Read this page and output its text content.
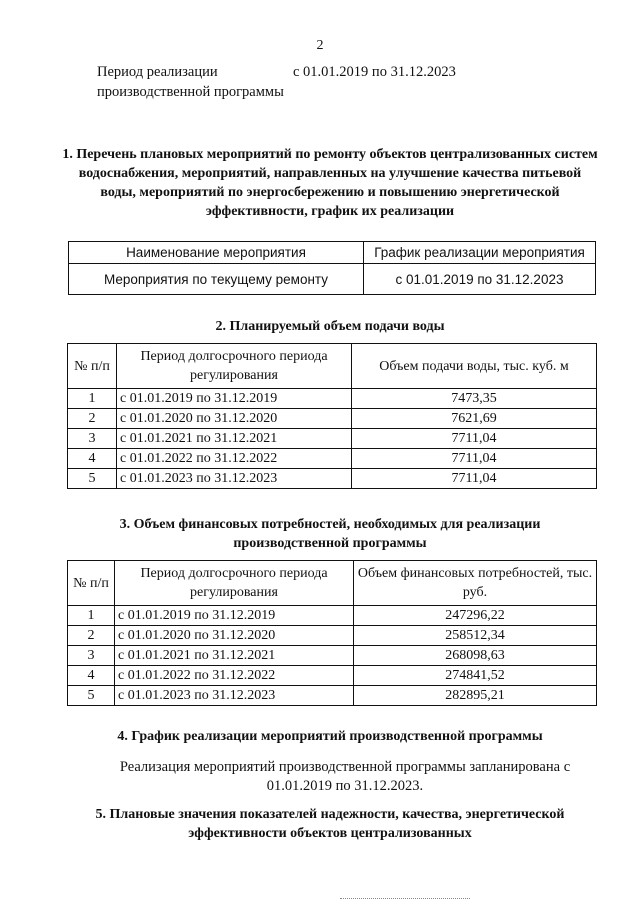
2
Период реализации производственной программы
с 01.01.2019 по 31.12.2023
1. Перечень плановых мероприятий по ремонту объектов централизованных систем водоснабжения, мероприятий, направленных на улучшение качества питьевой воды, мероприятий по энергосбережению и повышению энергетической эффективности, график их реализации
Наименование мероприятия	График реализации мероприятия
Мероприятия по текущему ремонту	с 01.01.2019 по 31.12.2023
2. Планируемый объем подачи воды
№ п/п	Период долгосрочного периода регулирования	Объем подачи воды, тыс. куб. м
1	с 01.01.2019 по 31.12.2019	7473,35
2	с 01.01.2020 по 31.12.2020	7621,69
3	с 01.01.2021 по 31.12.2021	7711,04
4	с 01.01.2022 по 31.12.2022	7711,04
5	с 01.01.2023 по 31.12.2023	7711,04
3. Объем финансовых потребностей, необходимых для реализации производственной программы
№ п/п	Период долгосрочного периода регулирования	Объем финансовых потребностей, тыс. руб.
1	с 01.01.2019 по 31.12.2019	247296,22
2	с 01.01.2020 по 31.12.2020	258512,34
3	с 01.01.2021 по 31.12.2021	268098,63
4	с 01.01.2022 по 31.12.2022	274841,52
5	с 01.01.2023 по 31.12.2023	282895,21
4. График реализации мероприятий производственной программы
Реализация мероприятий производственной программы запланирована с 01.01.2019 по 31.12.2023.
5. Плановые значения показателей надежности, качества, энергетической эффективности объектов централизованных
